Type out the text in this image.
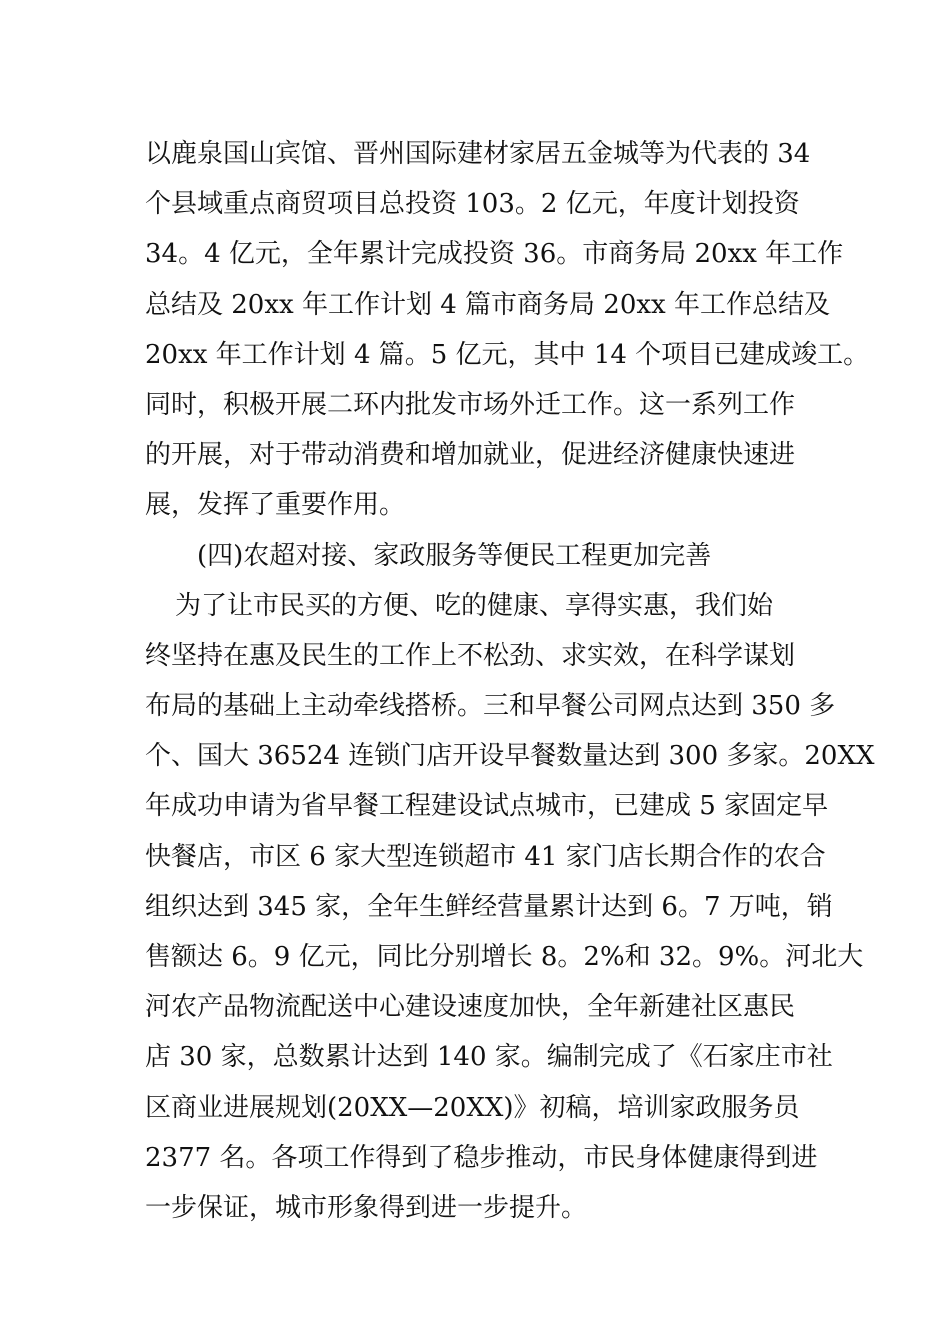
以鹿泉国山宾馆、晋州国际建材家居五金城等为代表的 34
个县域重点商贸项目总投资 103。2 亿元，年度计划投资
34。4 亿元，全年累计完成投资 36。市商务局 20xx 年工作
总结及 20xx 年工作计划 4 篇市商务局 20xx 年工作总结及
20xx 年工作计划 4 篇。5 亿元，其中 14 个项目已建成竣工。
同时，积极开展二环内批发市场外迁工作。这一系列工作
的开展，对于带动消费和增加就业，促进经济健康快速进
展，发挥了重要作用。
(四)农超对接、家政服务等便民工程更加完善
为了让市民买的方便、吃的健康、享得实惠，我们始
终坚持在惠及民生的工作上不松劲、求实效，在科学谋划
布局的基础上主动牵线搭桥。三和早餐公司网点达到 350 多
个、国大 36524 连锁门店开设早餐数量达到 300 多家。20XX
年成功申请为省早餐工程建设试点城市，已建成 5 家固定早
快餐店，市区 6 家大型连锁超市 41 家门店长期合作的农合
组织达到 345 家，全年生鲜经营量累计达到 6。7 万吨，销
售额达 6。9 亿元，同比分别增长 8。2%和 32。9%。河北大
河农产品物流配送中心建设速度加快，全年新建社区惠民
店 30 家，总数累计达到 140 家。编制完成了《石家庄市社
区商业进展规划(20XX—20XX)》初稿，培训家政服务员
2377 名。各项工作得到了稳步推动，市民身体健康得到进
一步保证，城市形象得到进一步提升。
